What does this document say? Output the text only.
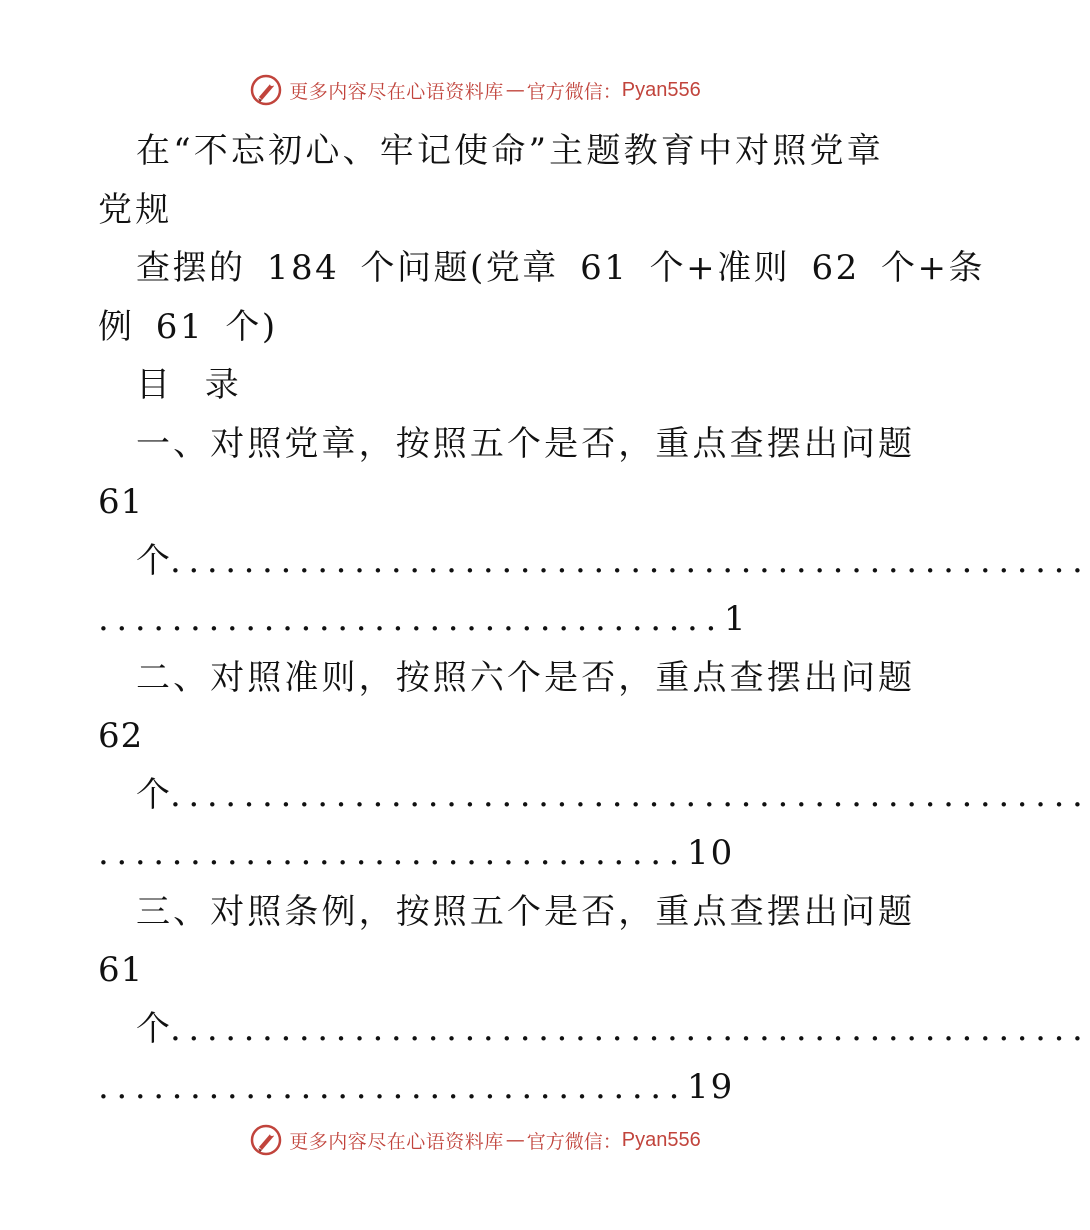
更多内容尽在心语资料库 — 官方微信： Pyan556
在“不忘初心、牢记使命”主题教育中对照党章
党规
查摆的 184 个问题(党章 61 个+准则 62 个+条
例 61 个)
目 录
一、对照党章，按照五个是否，重点查摆出问题
61
个 ..................................................
.................................. 1
二、对照准则，按照六个是否，重点查摆出问题
62
个 ..................................................
................................ 10
三、对照条例，按照五个是否，重点查摆出问题
61
个 ..................................................
................................ 19
更多内容尽在心语资料库 — 官方微信： Pyan556
